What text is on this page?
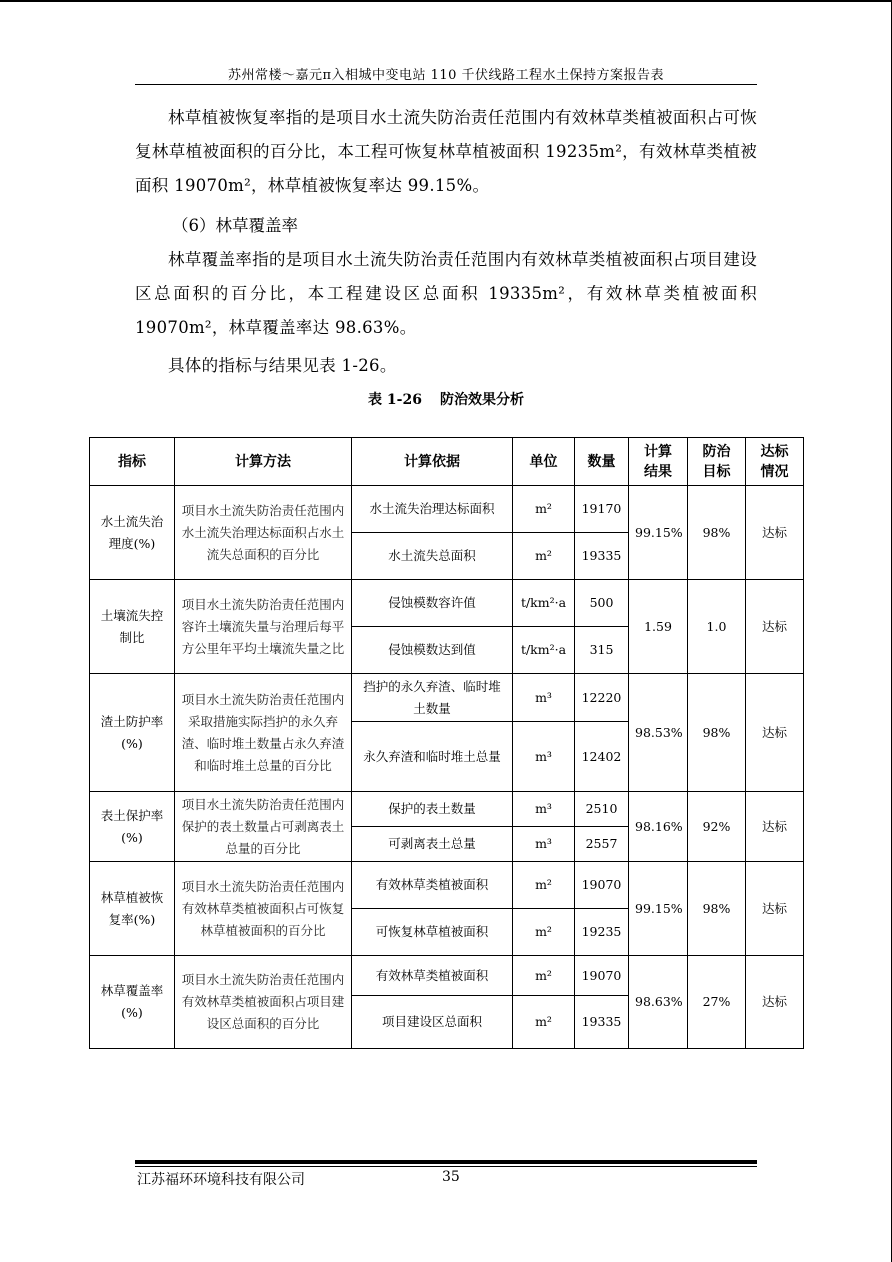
苏州常楼～嘉元π入相城中变电站 110 千伏线路工程水土保持方案报告表

林草植被恢复率指的是项目水土流失防治责任范围内有效林草类植被面积占可恢复林草植被面积的百分比，本工程可恢复林草植被面积 19235m²，有效林草类植被面积 19070m²，林草植被恢复率达 99.15%。

（6）林草覆盖率

林草覆盖率指的是项目水土流失防治责任范围内有效林草类植被面积占项目建设区总面积的百分比，本工程建设区总面积 19335m²，有效林草类植被面积 19070m²，林草覆盖率达 98.63%。

具体的指标与结果见表 1-26。

表 1-26 防治效果分析
指标	计算方法	计算依据	单位	数量	计算结果	防治目标	达标情况
水土流失治理度(%)	项目水土流失防治责任范围内水土流失治理达标面积占水土流失总面积的百分比	水土流失治理达标面积	m²	19170	99.15%	98%	达标
		水土流失总面积	m²	19335			
土壤流失控制比	项目水土流失防治责任范围内容许土壤流失量与治理后每平方公里年平均土壤流失量之比	侵蚀模数容许值	t/km²·a	500	1.59	1.0	达标
		侵蚀模数达到值	t/km²·a	315			
渣土防护率(%)	项目水土流失防治责任范围内采取措施实际挡护的永久弃渣、临时堆土数量占永久弃渣和临时堆土总量的百分比	挡护的永久弃渣、临时堆土数量	m³	12220	98.53%	98%	达标
		永久弃渣和临时堆土总量	m³	12402			
表土保护率(%)	项目水土流失防治责任范围内保护的表土数量占可剥离表土总量的百分比	保护的表土数量	m³	2510	98.16%	92%	达标
		可剥离表土总量	m³	2557			
林草植被恢复率(%)	项目水土流失防治责任范围内有效林草类植被面积占可恢复林草植被面积的百分比	有效林草类植被面积	m²	19070	99.15%	98%	达标
		可恢复林草植被面积	m²	19235			
林草覆盖率(%)	项目水土流失防治责任范围内有效林草类植被面积占项目建设区总面积的百分比	有效林草类植被面积	m²	19070	98.63%	27%	达标
		项目建设区总面积	m²	19335			
江苏福环环境科技有限公司	35
